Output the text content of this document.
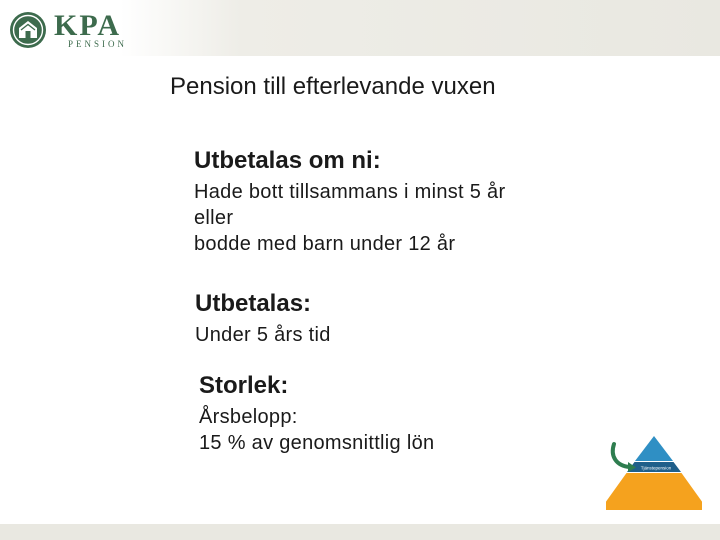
KPA
PENSION
Pension till efterlevande vuxen
Utbetalas om ni:
Hade bott tillsammans i minst 5 år
eller
bodde med barn under 12 år
Utbetalas:
Under 5 års tid
Storlek:
Årsbelopp:
15 % av genomsnittlig lön
Tjänstepension
